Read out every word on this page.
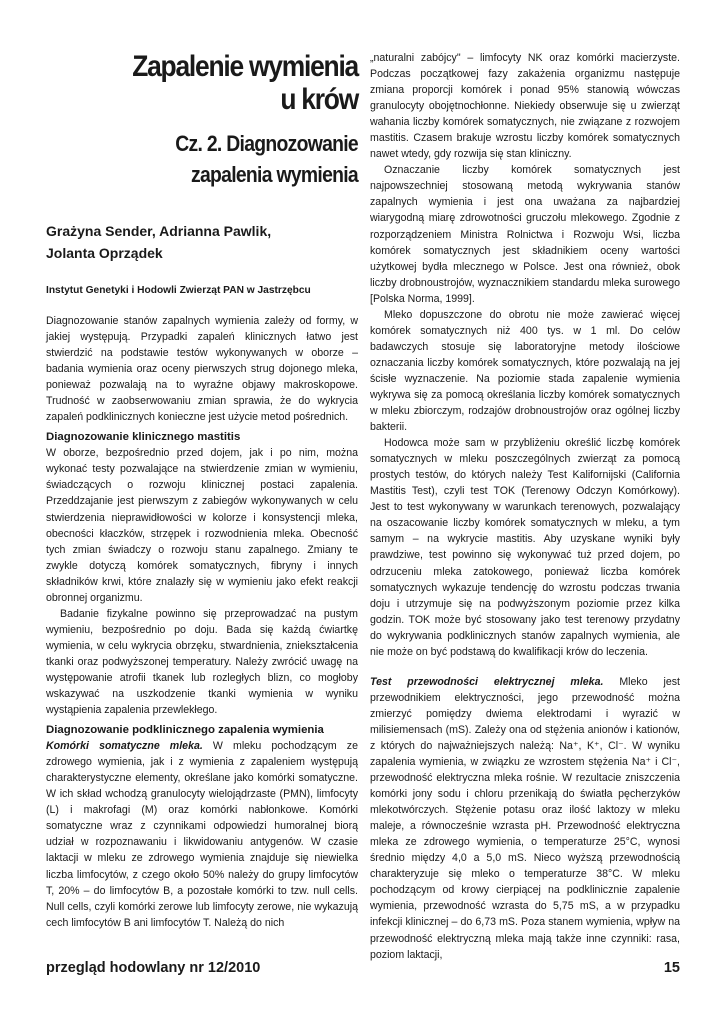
Zapalenie wymienia
u krów
Cz. 2. Diagnozowanie
zapalenia wymienia
Grażyna Sender, Adrianna Pawlik,
Jolanta Oprządek
Instytut Genetyki i Hodowli Zwierząt PAN w Jastrzębcu

Diagnozowanie stanów zapalnych wymienia zależy od formy, w jakiej występują. Przypadki zapaleń klinicznych łatwo jest stwierdzić na podstawie testów wykonywanych w oborze – badania wymienia oraz oceny pierwszych strug dojonego mleka, ponieważ pozwalają na to wyraźne objawy makroskopowe. Trudność w zaobserwowaniu zmian sprawia, że do wykrycia zapaleń podklinicznych konieczne jest użycie metod pośrednich.

Diagnozowanie klinicznego mastitis

W oborze, bezpośrednio przed dojem, jak i po nim, można wykonać testy pozwalające na stwierdzenie zmian w wymieniu, świadczących o rozwoju klinicznej postaci zapalenia. Przeddzajanie jest pierwszym z zabiegów wykonywanych w celu stwierdzenia nieprawidłowości w kolorze i konsystencji mleka, obecności kłaczków, strzępek i rozwodnienia mleka. Obecność tych zmian świadczy o rozwoju stanu zapalnego. Zmiany te zwykle dotyczą komórek somatycznych, fibryny i innych składników krwi, które znalazły się w wymieniu jako efekt reakcji obronnej organizmu.

Badanie fizykalne powinno się przeprowadzać na pustym wymieniu, bezpośrednio po doju. Bada się każdą ćwiartkę wymienia, w celu wykrycia obrzęku, stwardnienia, zniekształcenia tkanki oraz podwyższonej temperatury. Należy zwrócić uwagę na występowanie atrofii tkanek lub rozległych blizn, co mogłoby wskazywać na uszkodzenie tkanki wymienia w wyniku wystąpienia zapalenia przewlekłego.

Diagnozowanie podklinicznego zapalenia wymienia

Komórki somatyczne mleka. W mleku pochodzącym ze zdrowego wymienia, jak i z wymienia z zapaleniem występują charakterystyczne elementy, określane jako komórki somatyczne. W ich skład wchodzą granulocyty wielojądrzaste (PMN), limfocyty (L) i makrofagi (M) oraz komórki nabłonkowe. Komórki somatyczne wraz z czynnikami odpowiedzi humoralnej biorą udział w rozpoznawaniu i likwidowaniu antygenów. W czasie laktacji w mleku ze zdrowego wymienia znajduje się niewielka liczba limfocytów, z czego około 50% należy do grupy limfocytów T, 20% – do limfocytów B, a pozostałe komórki to tzw. null cells. Null cells, czyli komórki zerowe lub limfocyty zerowe, nie wykazują cech limfocytów B ani limfocytów T. Należą do nich

„naturalni zabójcy" – limfocyty NK oraz komórki macierzyste. Podczas początkowej fazy zakażenia organizmu następuje zmiana proporcji komórek i ponad 95% stanowią wówczas granulocyty obojętnochłonne. Niekiedy obserwuje się u zwierząt wahania liczby komórek somatycznych, nie związane z rozwojem mastitis. Czasem brakuje wzrostu liczby komórek somatycznych nawet wtedy, gdy rozwija się stan kliniczny.

Oznaczanie liczby komórek somatycznych jest najpowszechniej stosowaną metodą wykrywania stanów zapalnych wymienia i jest ona uważana za najbardziej wiarygodną miarę zdrowotności gruczołu mlekowego. Zgodnie z rozporządzeniem Ministra Rolnictwa i Rozwoju Wsi, liczba komórek somatycznych jest składnikiem oceny wartości użytkowej bydła mlecznego w Polsce. Jest ona również, obok liczby drobnoustrojów, wyznacznikiem standardu mleka surowego [Polska Norma, 1999].

Mleko dopuszczone do obrotu nie może zawierać więcej komórek somatycznych niż 400 tys. w 1 ml. Do celów badawczych stosuje się laboratoryjne metody ilościowe oznaczania liczby komórek somatycznych, które pozwalają na jej ścisłe wyznaczenie. Na poziomie stada zapalenie wymienia wykrywa się za pomocą określania liczby komórek somatycznych w mleku zbiorczym, rodzajów drobnoustrojów oraz ogólnej liczby bakterii.

Hodowca może sam w przybliżeniu określić liczbę komórek somatycznych w mleku poszczególnych zwierząt za pomocą prostych testów, do których należy Test Kalifornijski (California Mastitis Test), czyli test TOK (Terenowy Odczyn Komórkowy). Jest to test wykonywany w warunkach terenowych, pozwalający na oszacowanie liczby komórek somatycznych w mleku, a tym samym – na wykrycie mastitis. Aby uzyskane wyniki były prawdziwe, test powinno się wykonywać tuż przed dojem, po odrzuceniu mleka zatokowego, ponieważ liczba komórek somatycznych wykazuje tendencję do wzrostu podczas trwania doju i utrzymuje się na podwyższonym poziomie przez kilka godzin. TOK może być stosowany jako test terenowy przydatny do wykrywania podklinicznych stanów zapalnych wymienia, ale nie może on być podstawą do kwalifikacji krów do leczenia.

Test przewodności elektrycznej mleka. Mleko jest przewodnikiem elektryczności, jego przewodność można zmierzyć pomiędzy dwiema elektrodami i wyrazić w milisiemensach (mS). Zależy ona od stężenia anionów i kationów, z których do najważniejszych należą: Na⁺, K⁺, Cl⁻. W wyniku zapalenia wymienia, w związku ze wzrostem stężenia Na⁺ i Cl⁻, przewodność elektryczna mleka rośnie. W rezultacie zniszczenia komórki jony sodu i chloru przenikają do światła pęcherzyków mlekotwórczych. Stężenie potasu oraz ilość laktozy w mleku maleje, a równocześnie wzrasta pH. Przewodność elektryczna mleka ze zdrowego wymienia, o temperaturze 25°C, wynosi średnio między 4,0 a 5,0 mS. Nieco wyższą przewodnością charakteryzuje się mleko o temperaturze 38°C. W mleku pochodzącym od krowy cierpiącej na podklinicznie zapalenie wymienia, przewodność wzrasta do 5,75 mS, a w przypadku infekcji klinicznej – do 6,73 mS. Poza stanem wymienia, wpływ na przewodność elektryczną mleka mają także inne czynniki: rasa, poziom laktacji,

przegląd hodowlany nr 12/2010	15
